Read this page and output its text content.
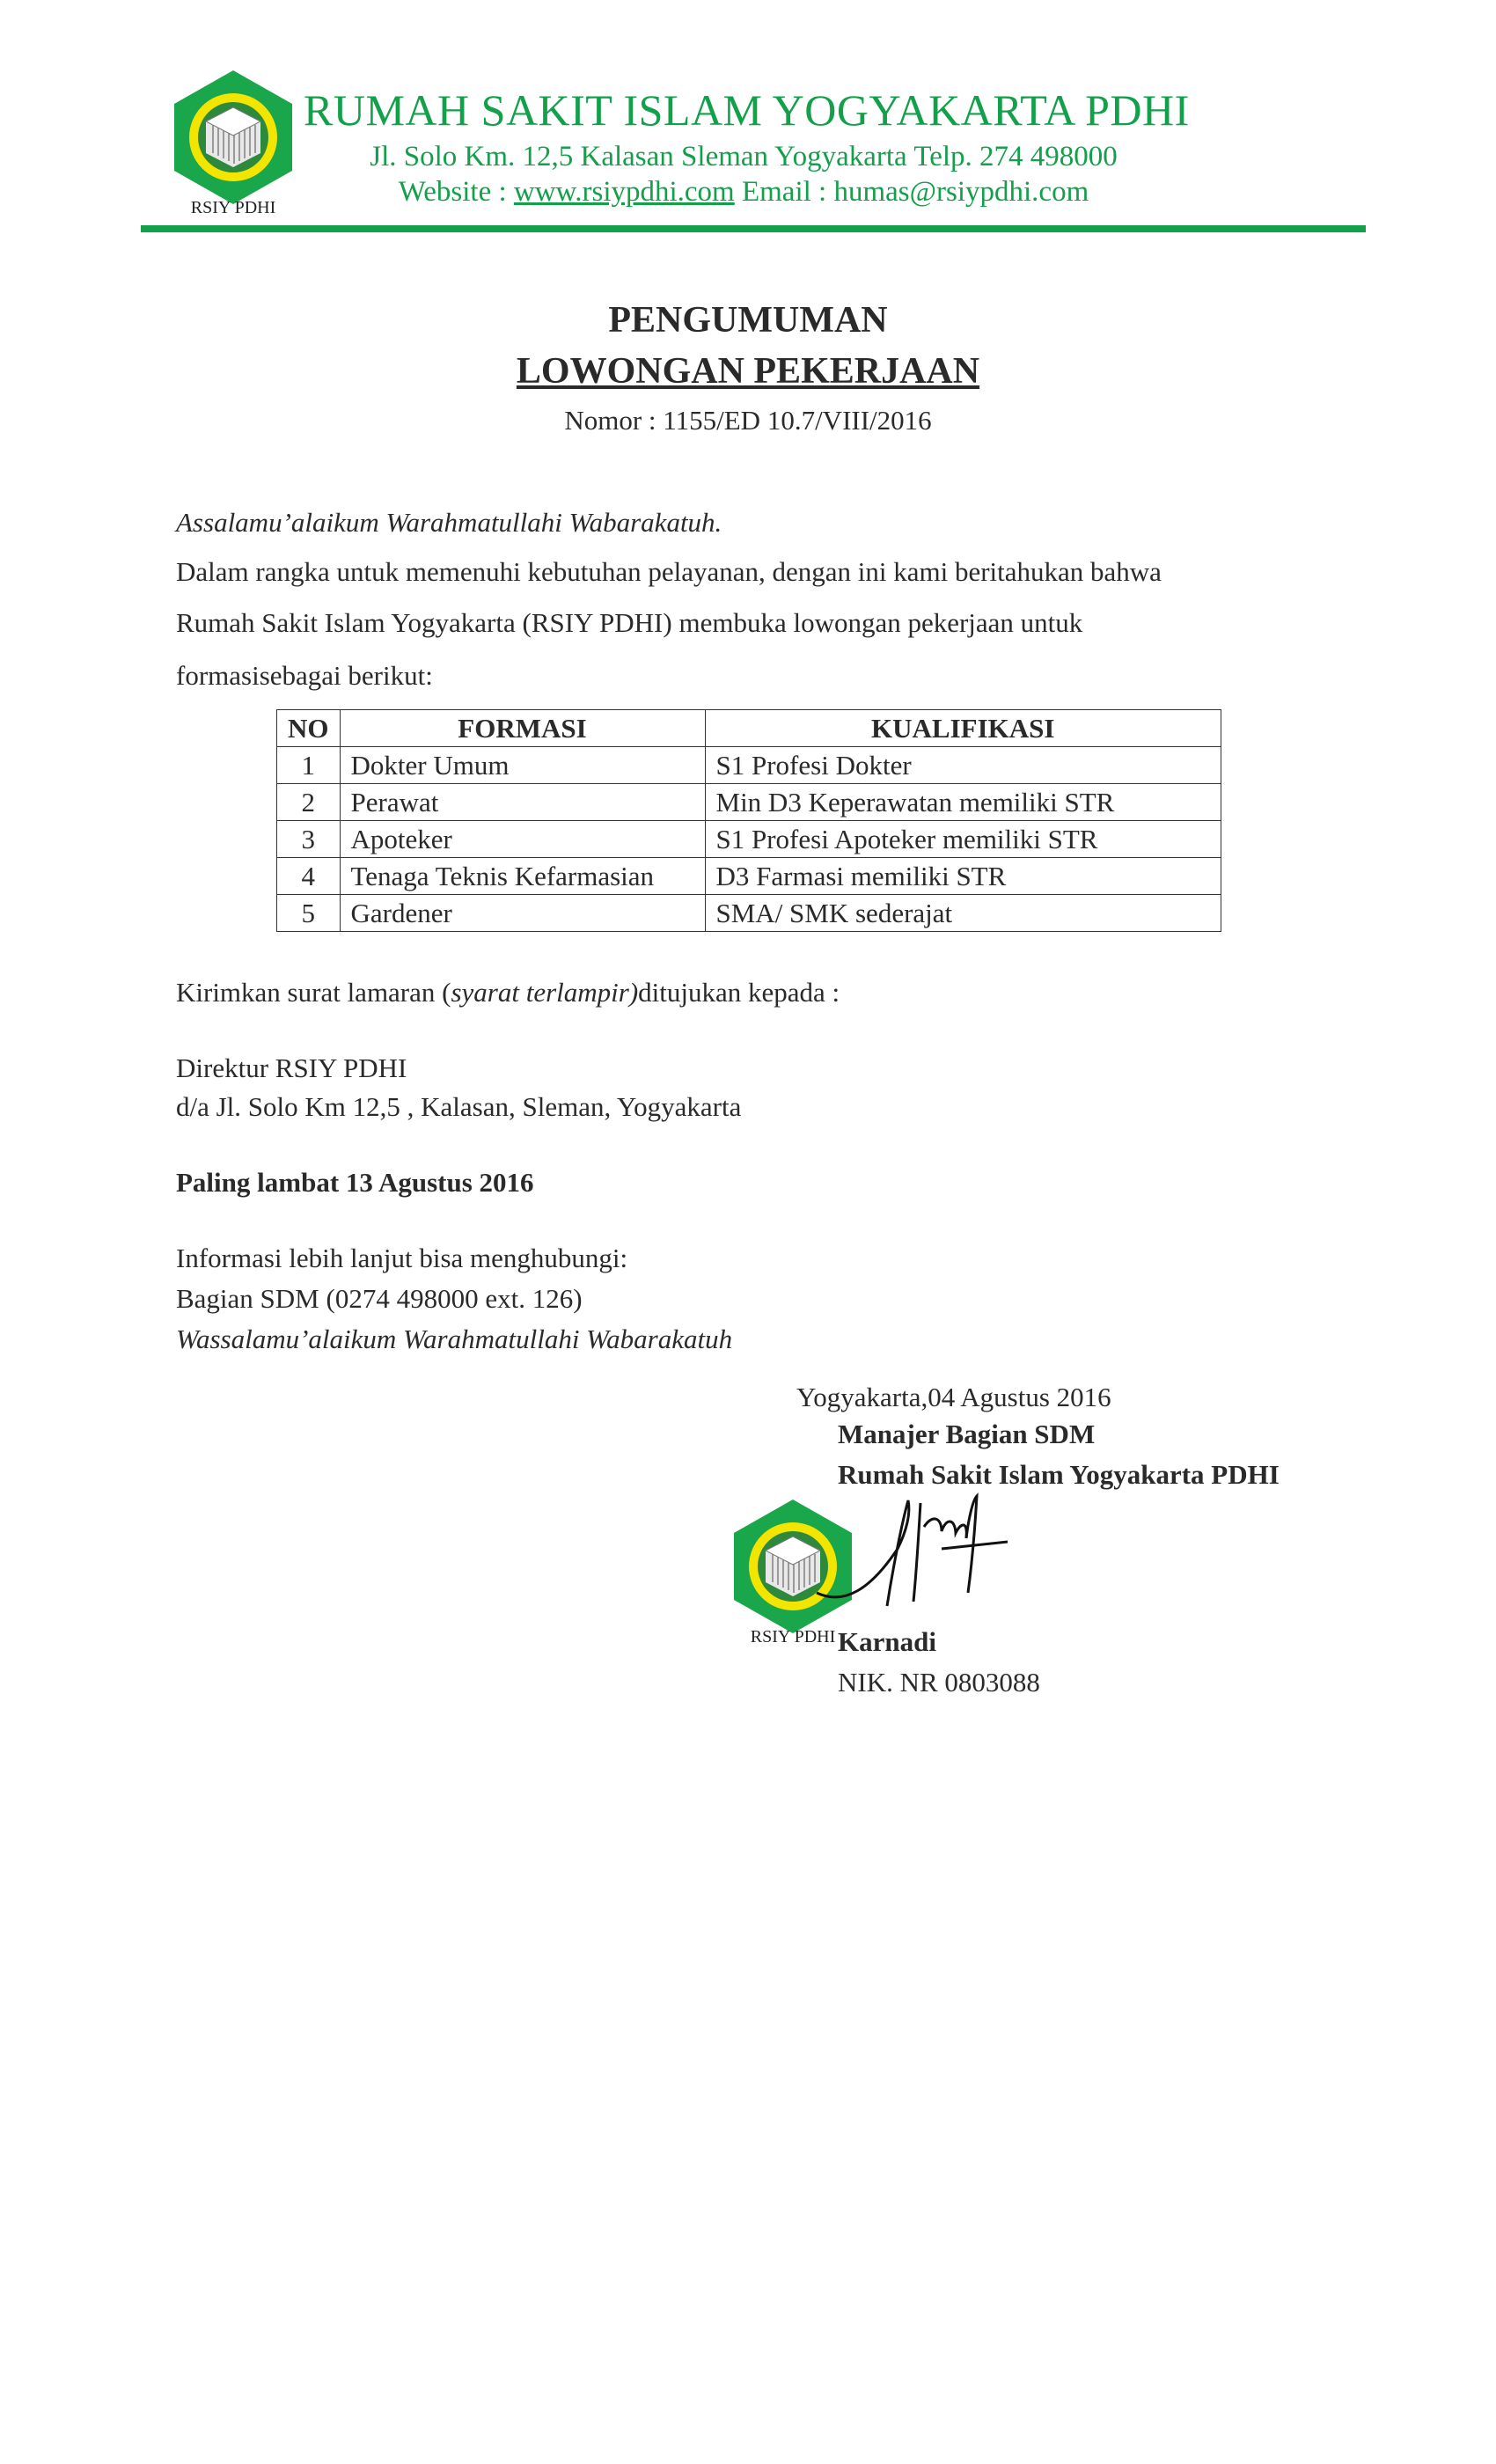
RSIY PDHI
RUMAH SAKIT ISLAM YOGYAKARTA PDHI
Jl. Solo Km. 12,5 Kalasan Sleman Yogyakarta Telp. 274 498000
Website : www.rsiypdhi.com Email : humas@rsiypdhi.com
PENGUMUMAN
LOWONGAN PEKERJAAN
Nomor : 1155/ED 10.7/VIII/2016
Assalamu’alaikum Warahmatullahi Wabarakatuh.
Dalam rangka untuk memenuhi kebutuhan pelayanan, dengan ini kami beritahukan bahwa
Rumah Sakit Islam Yogyakarta (RSIY PDHI) membuka lowongan pekerjaan untuk
formasisebagai berikut:
NO	FORMASI	KUALIFIKASI
1	Dokter Umum	S1 Profesi Dokter
2	Perawat	Min D3 Keperawatan memiliki STR
3	Apoteker	S1 Profesi Apoteker memiliki STR
4	Tenaga Teknis Kefarmasian	D3 Farmasi memiliki STR
5	Gardener	SMA/ SMK sederajat
Kirimkan surat lamaran (syarat terlampir)ditujukan kepada :
Direktur RSIY PDHI
d/a Jl. Solo Km 12,5 , Kalasan, Sleman, Yogyakarta
Paling lambat 13 Agustus 2016
Informasi lebih lanjut bisa menghubungi:
Bagian SDM (0274 498000 ext. 126)
Wassalamu’alaikum Warahmatullahi Wabarakatuh
Yogyakarta,04 Agustus 2016
Manajer Bagian SDM
Rumah Sakit Islam Yogyakarta PDHI
RSIY PDHI Karnadi
NIK. NR 0803088
